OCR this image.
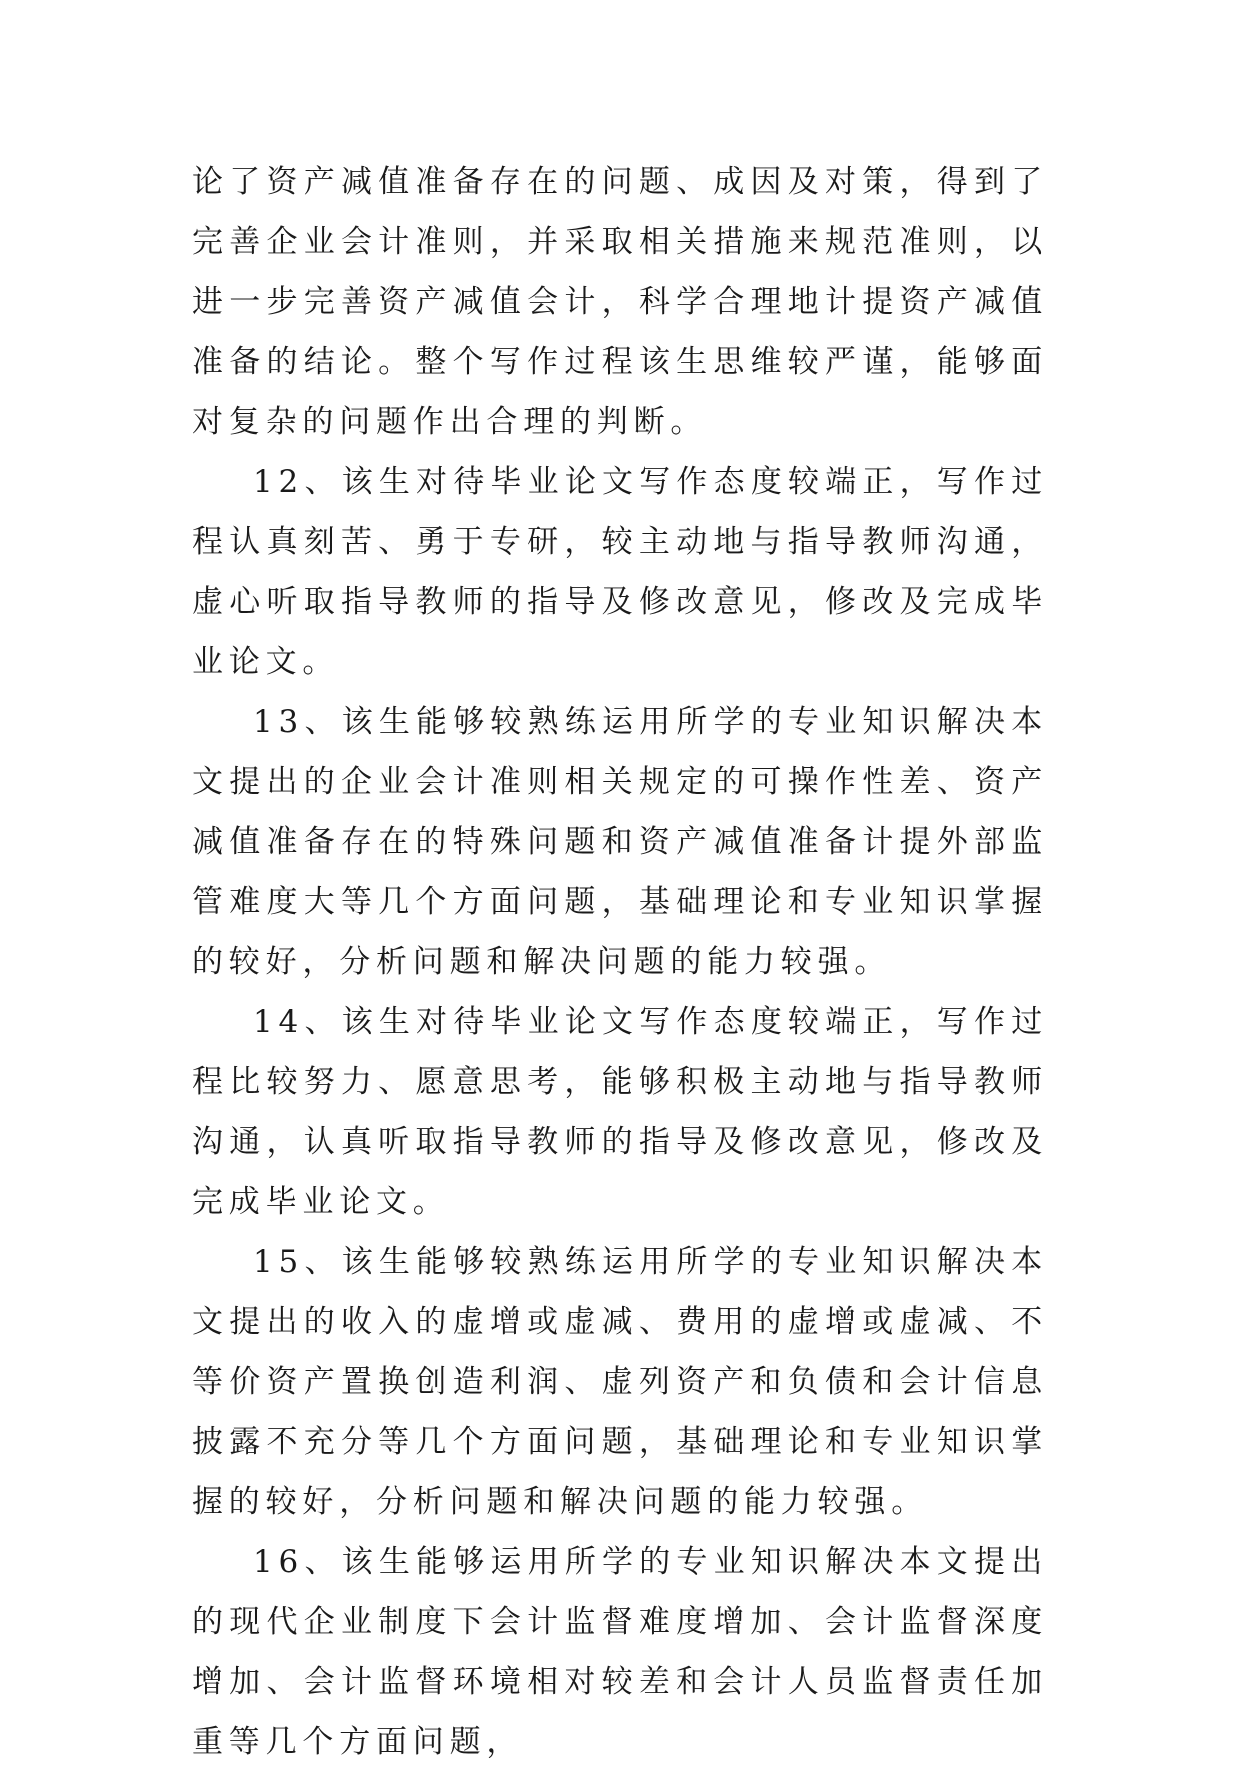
论了资产减值准备存在的问题、成因及对策，得到了完善企业会计准则，并采取相关措施来规范准则，以进一步完善资产减值会计，科学合理地计提资产减值准备的结论。整个写作过程该生思维较严谨，能够面对复杂的问题作出合理的判断。

12、该生对待毕业论文写作态度较端正，写作过程认真刻苦、勇于专研，较主动地与指导教师沟通，虚心听取指导教师的指导及修改意见，修改及完成毕业论文。

13、该生能够较熟练运用所学的专业知识解决本文提出的企业会计准则相关规定的可操作性差、资产减值准备存在的特殊问题和资产减值准备计提外部监管难度大等几个方面问题，基础理论和专业知识掌握的较好，分析问题和解决问题的能力较强。

14、该生对待毕业论文写作态度较端正，写作过程比较努力、愿意思考，能够积极主动地与指导教师沟通，认真听取指导教师的指导及修改意见，修改及完成毕业论文。

15、该生能够较熟练运用所学的专业知识解决本文提出的收入的虚增或虚减、费用的虚增或虚减、不等价资产置换创造利润、虚列资产和负债和会计信息披露不充分等几个方面问题，基础理论和专业知识掌握的较好，分析问题和解决问题的能力较强。

16、该生能够运用所学的专业知识解决本文提出的现代企业制度下会计监督难度增加、会计监督深度增加、会计监督环境相对较差和会计人员监督责任加重等几个方面问题，
